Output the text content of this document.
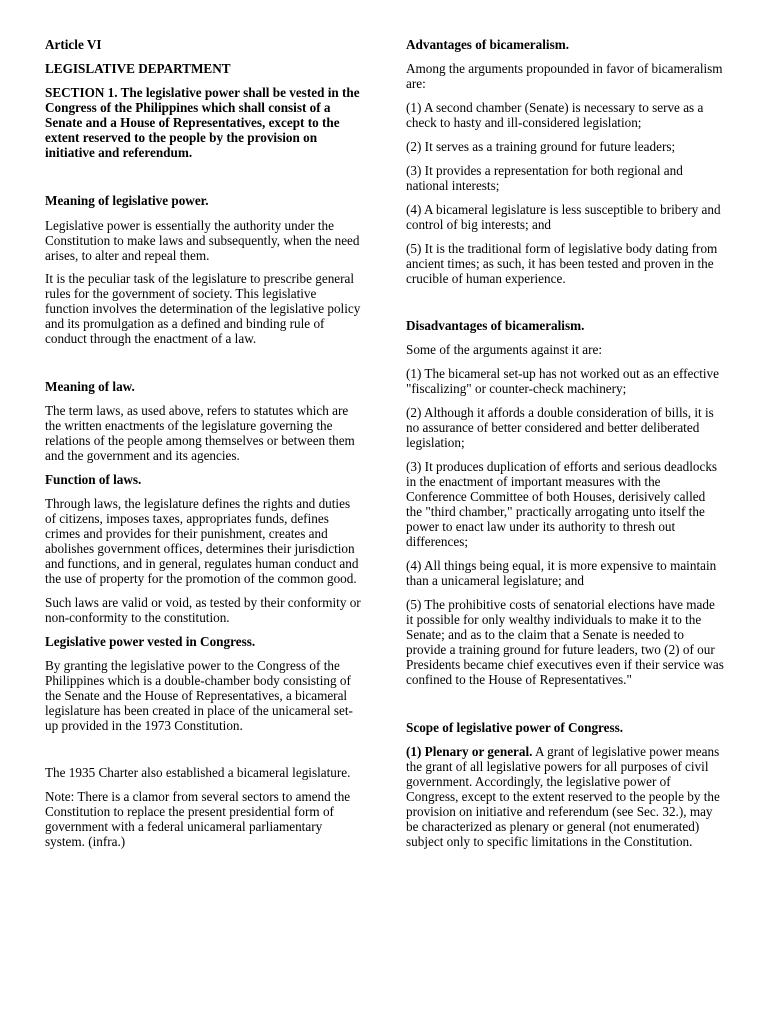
Article VI

LEGISLATIVE DEPARTMENT

SECTION 1. The legislative power shall be vested in the Congress of the Philippines which shall consist of a Senate and a House of Representatives, except to the extent reserved to the people by the provision on initiative and referendum.

Meaning of legislative power.

Legislative power is essentially the authority under the Constitution to make laws and subsequently, when the need arises, to alter and repeal them.

It is the peculiar task of the legislature to prescribe general rules for the government of society. This legislative function involves the determination of the legislative policy and its promulgation as a defined and binding rule of conduct through the enactment of a law.

Meaning of law.

The term laws, as used above, refers to statutes which are the written enactments of the legislature governing the relations of the people among themselves or between them and the government and its agencies.

Function of laws.

Through laws, the legislature defines the rights and duties of citizens, imposes taxes, appropriates funds, defines crimes and provides for their punishment, creates and abolishes government offices, determines their jurisdiction and functions, and in general, regulates human conduct and the use of property for the promotion of the common good.

Such laws are valid or void, as tested by their conformity or non-conformity to the constitution.

Legislative power vested in Congress.

By granting the legislative power to the Congress of the Philippines which is a double-chamber body consisting of the Senate and the House of Representatives, a bicameral legislature has been created in place of the unicameral set-up provided in the 1973 Constitution.

The 1935 Charter also established a bicameral legislature.

Note: There is a clamor from several sectors to amend the Constitution to replace the present presidential form of government with a federal unicameral parliamentary system. (infra.)

Advantages of bicameralism.

Among the arguments propounded in favor of bicameralism are:

(1) A second chamber (Senate) is necessary to serve as a check to hasty and ill-considered legislation;

(2) It serves as a training ground for future leaders;

(3) It provides a representation for both regional and national interests;

(4) A bicameral legislature is less susceptible to bribery and control of big interests; and

(5) It is the traditional form of legislative body dating from ancient times; as such, it has been tested and proven in the crucible of human experience.

Disadvantages of bicameralism.

Some of the arguments against it are:

(1) The bicameral set-up has not worked out as an effective "fiscalizing" or counter-check machinery;

(2) Although it affords a double consideration of bills, it is no assurance of better considered and better deliberated legislation;

(3) It produces duplication of efforts and serious deadlocks in the enactment of important measures with the Conference Committee of both Houses, derisively called the "third chamber," practically arrogating unto itself the power to enact law under its authority to thresh out differences;

(4) All things being equal, it is more expensive to maintain than a unicameral legislature; and

(5) The prohibitive costs of senatorial elections have made it possible for only wealthy individuals to make it to the Senate; and as to the claim that a Senate is needed to provide a training ground for future leaders, two (2) of our Presidents became chief executives even if their service was confined to the House of Representatives."

Scope of legislative power of Congress.

(1) Plenary or general. A grant of legislative power means the grant of all legislative powers for all purposes of civil government. Accordingly, the legislative power of Congress, except to the extent reserved to the people by the provision on initiative and referendum (see Sec. 32.), may be characterized as plenary or general (not enumerated) subject only to specific limitations in the Constitution.
